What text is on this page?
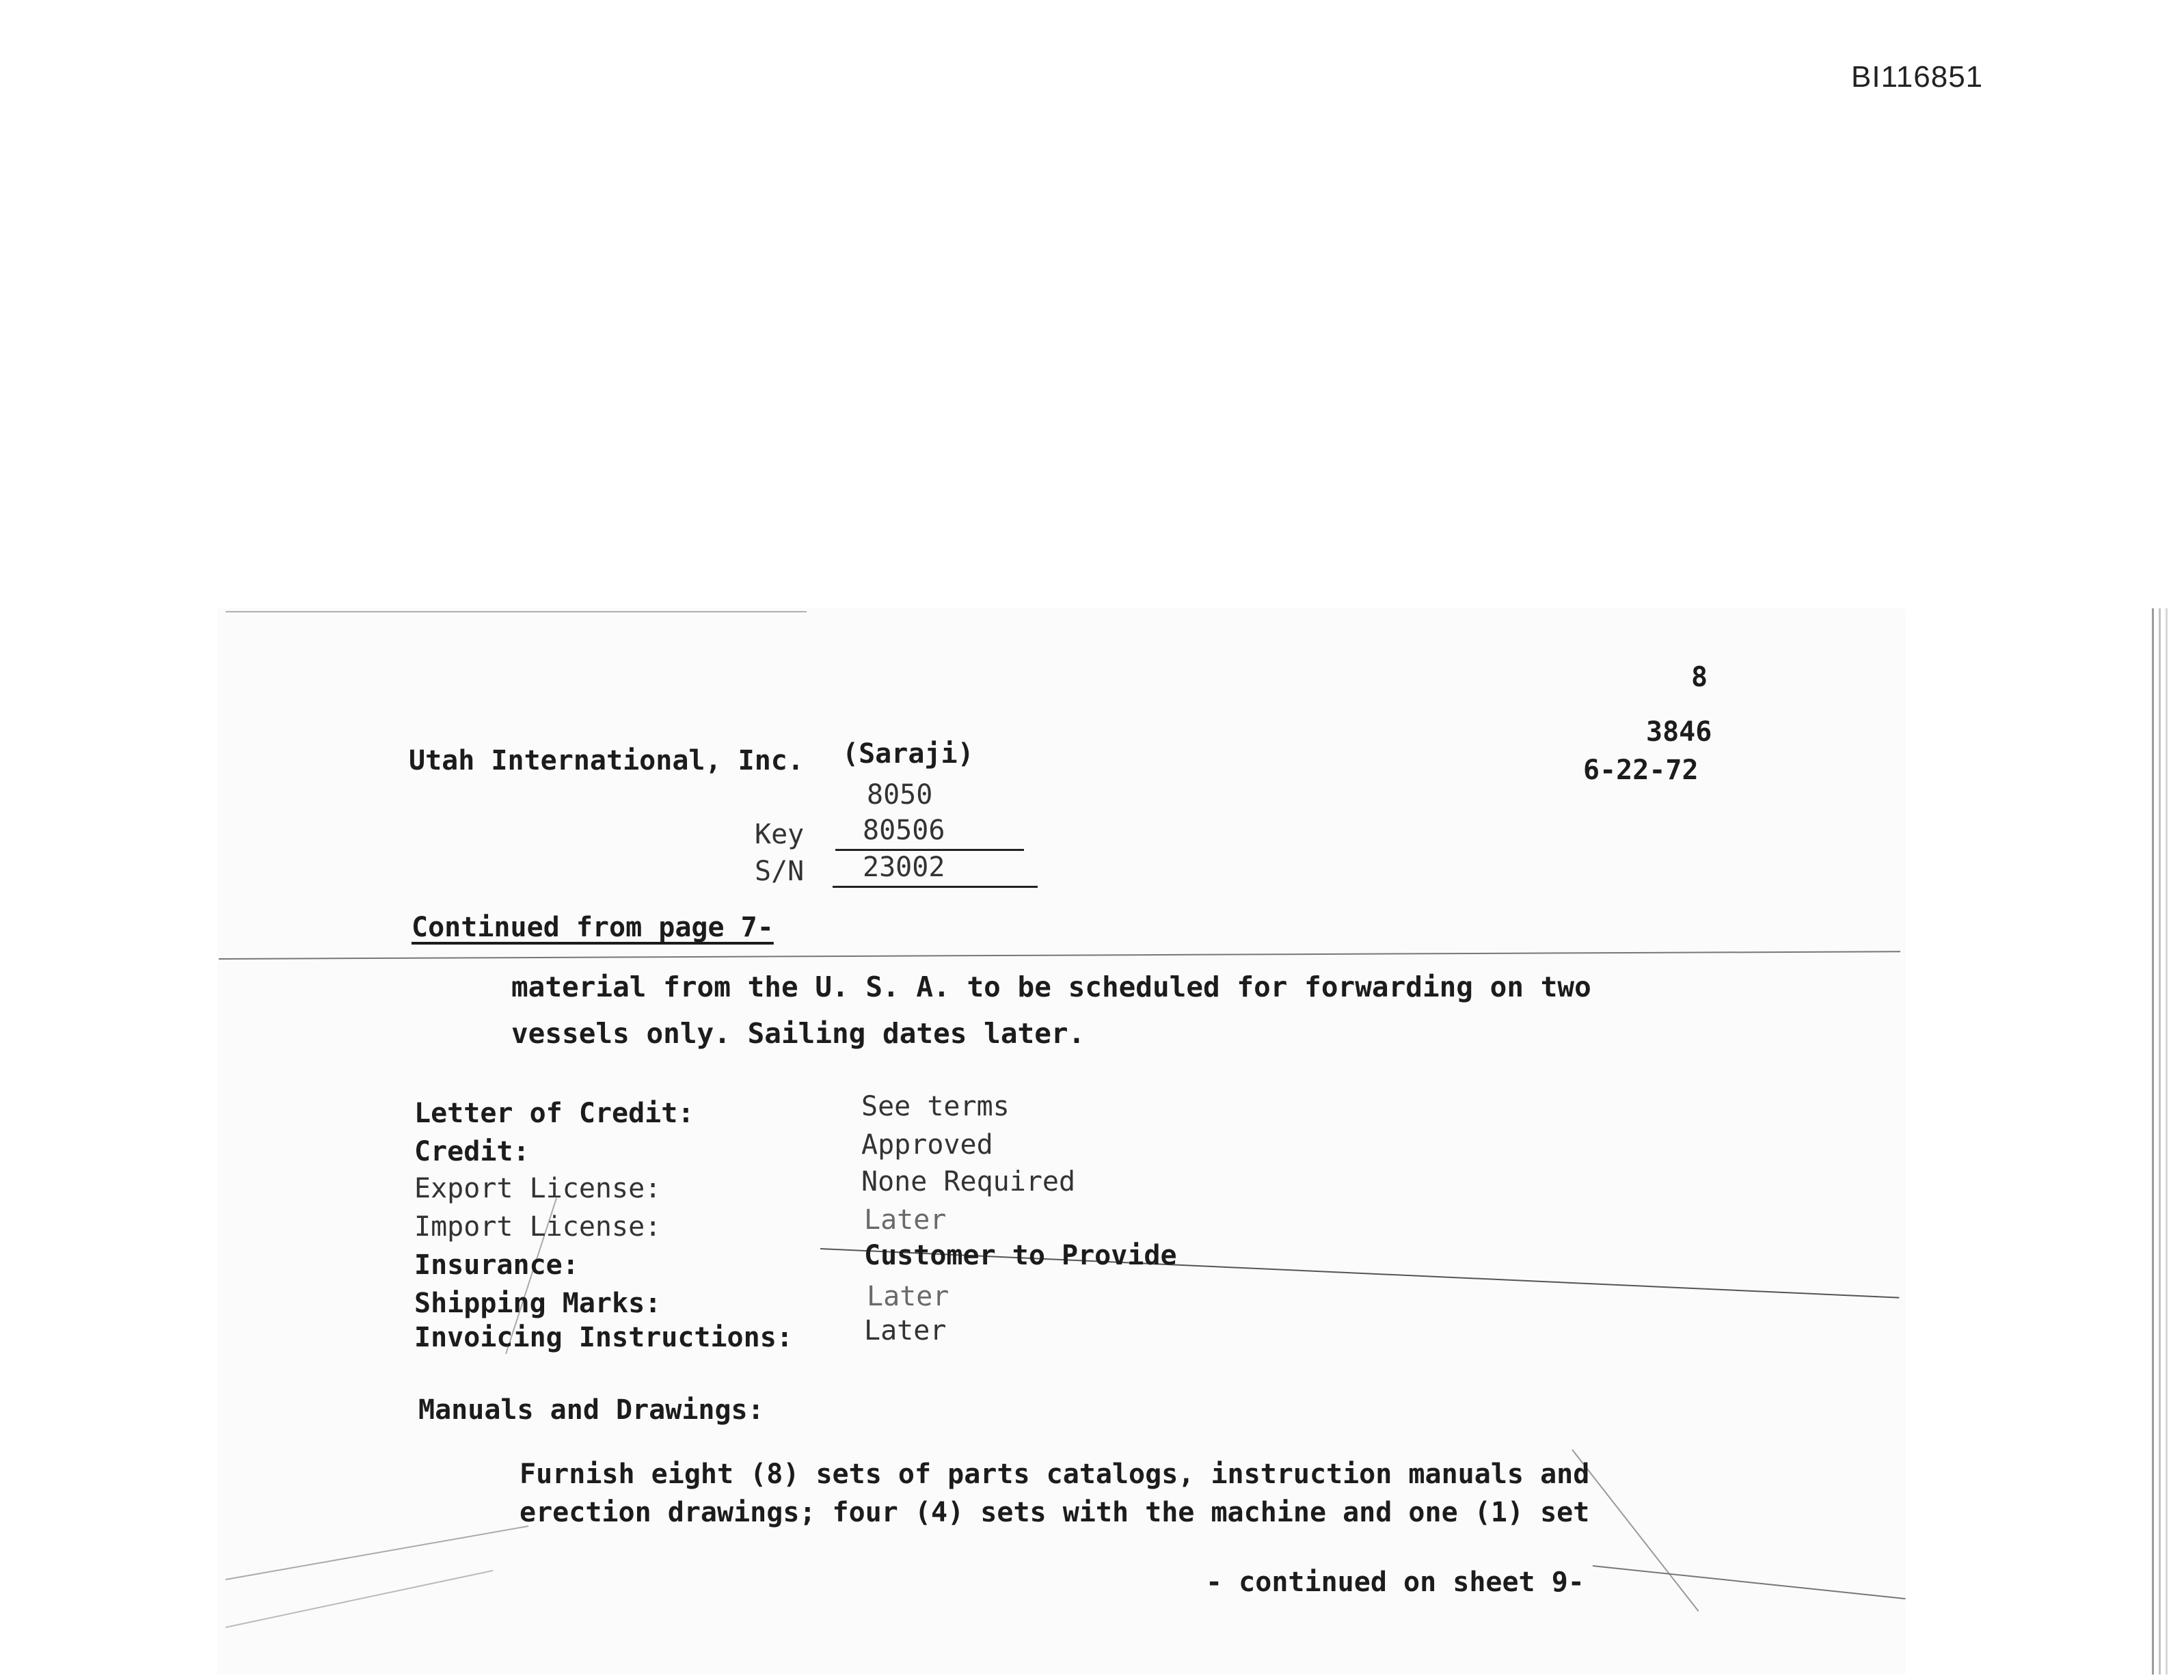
BI116851
8
3846
6-22-72
Utah International, Inc. (Saraji)
8050
Key 80506
S/N 23002
Continued from page 7-
material from the U. S. A. to be scheduled for forwarding on two
vessels only. Sailing dates later.
Letter of Credit:	See terms
Credit:	Approved
Export License:	None Required
Import License:	Later
Insurance:	Customer to Provide
Shipping Marks:	Later
Invoicing Instructions:	Later
Manuals and Drawings:
Furnish eight (8) sets of parts catalogs, instruction manuals and
erection drawings; four (4) sets with the machine and one (1) set
- continued on sheet 9-
